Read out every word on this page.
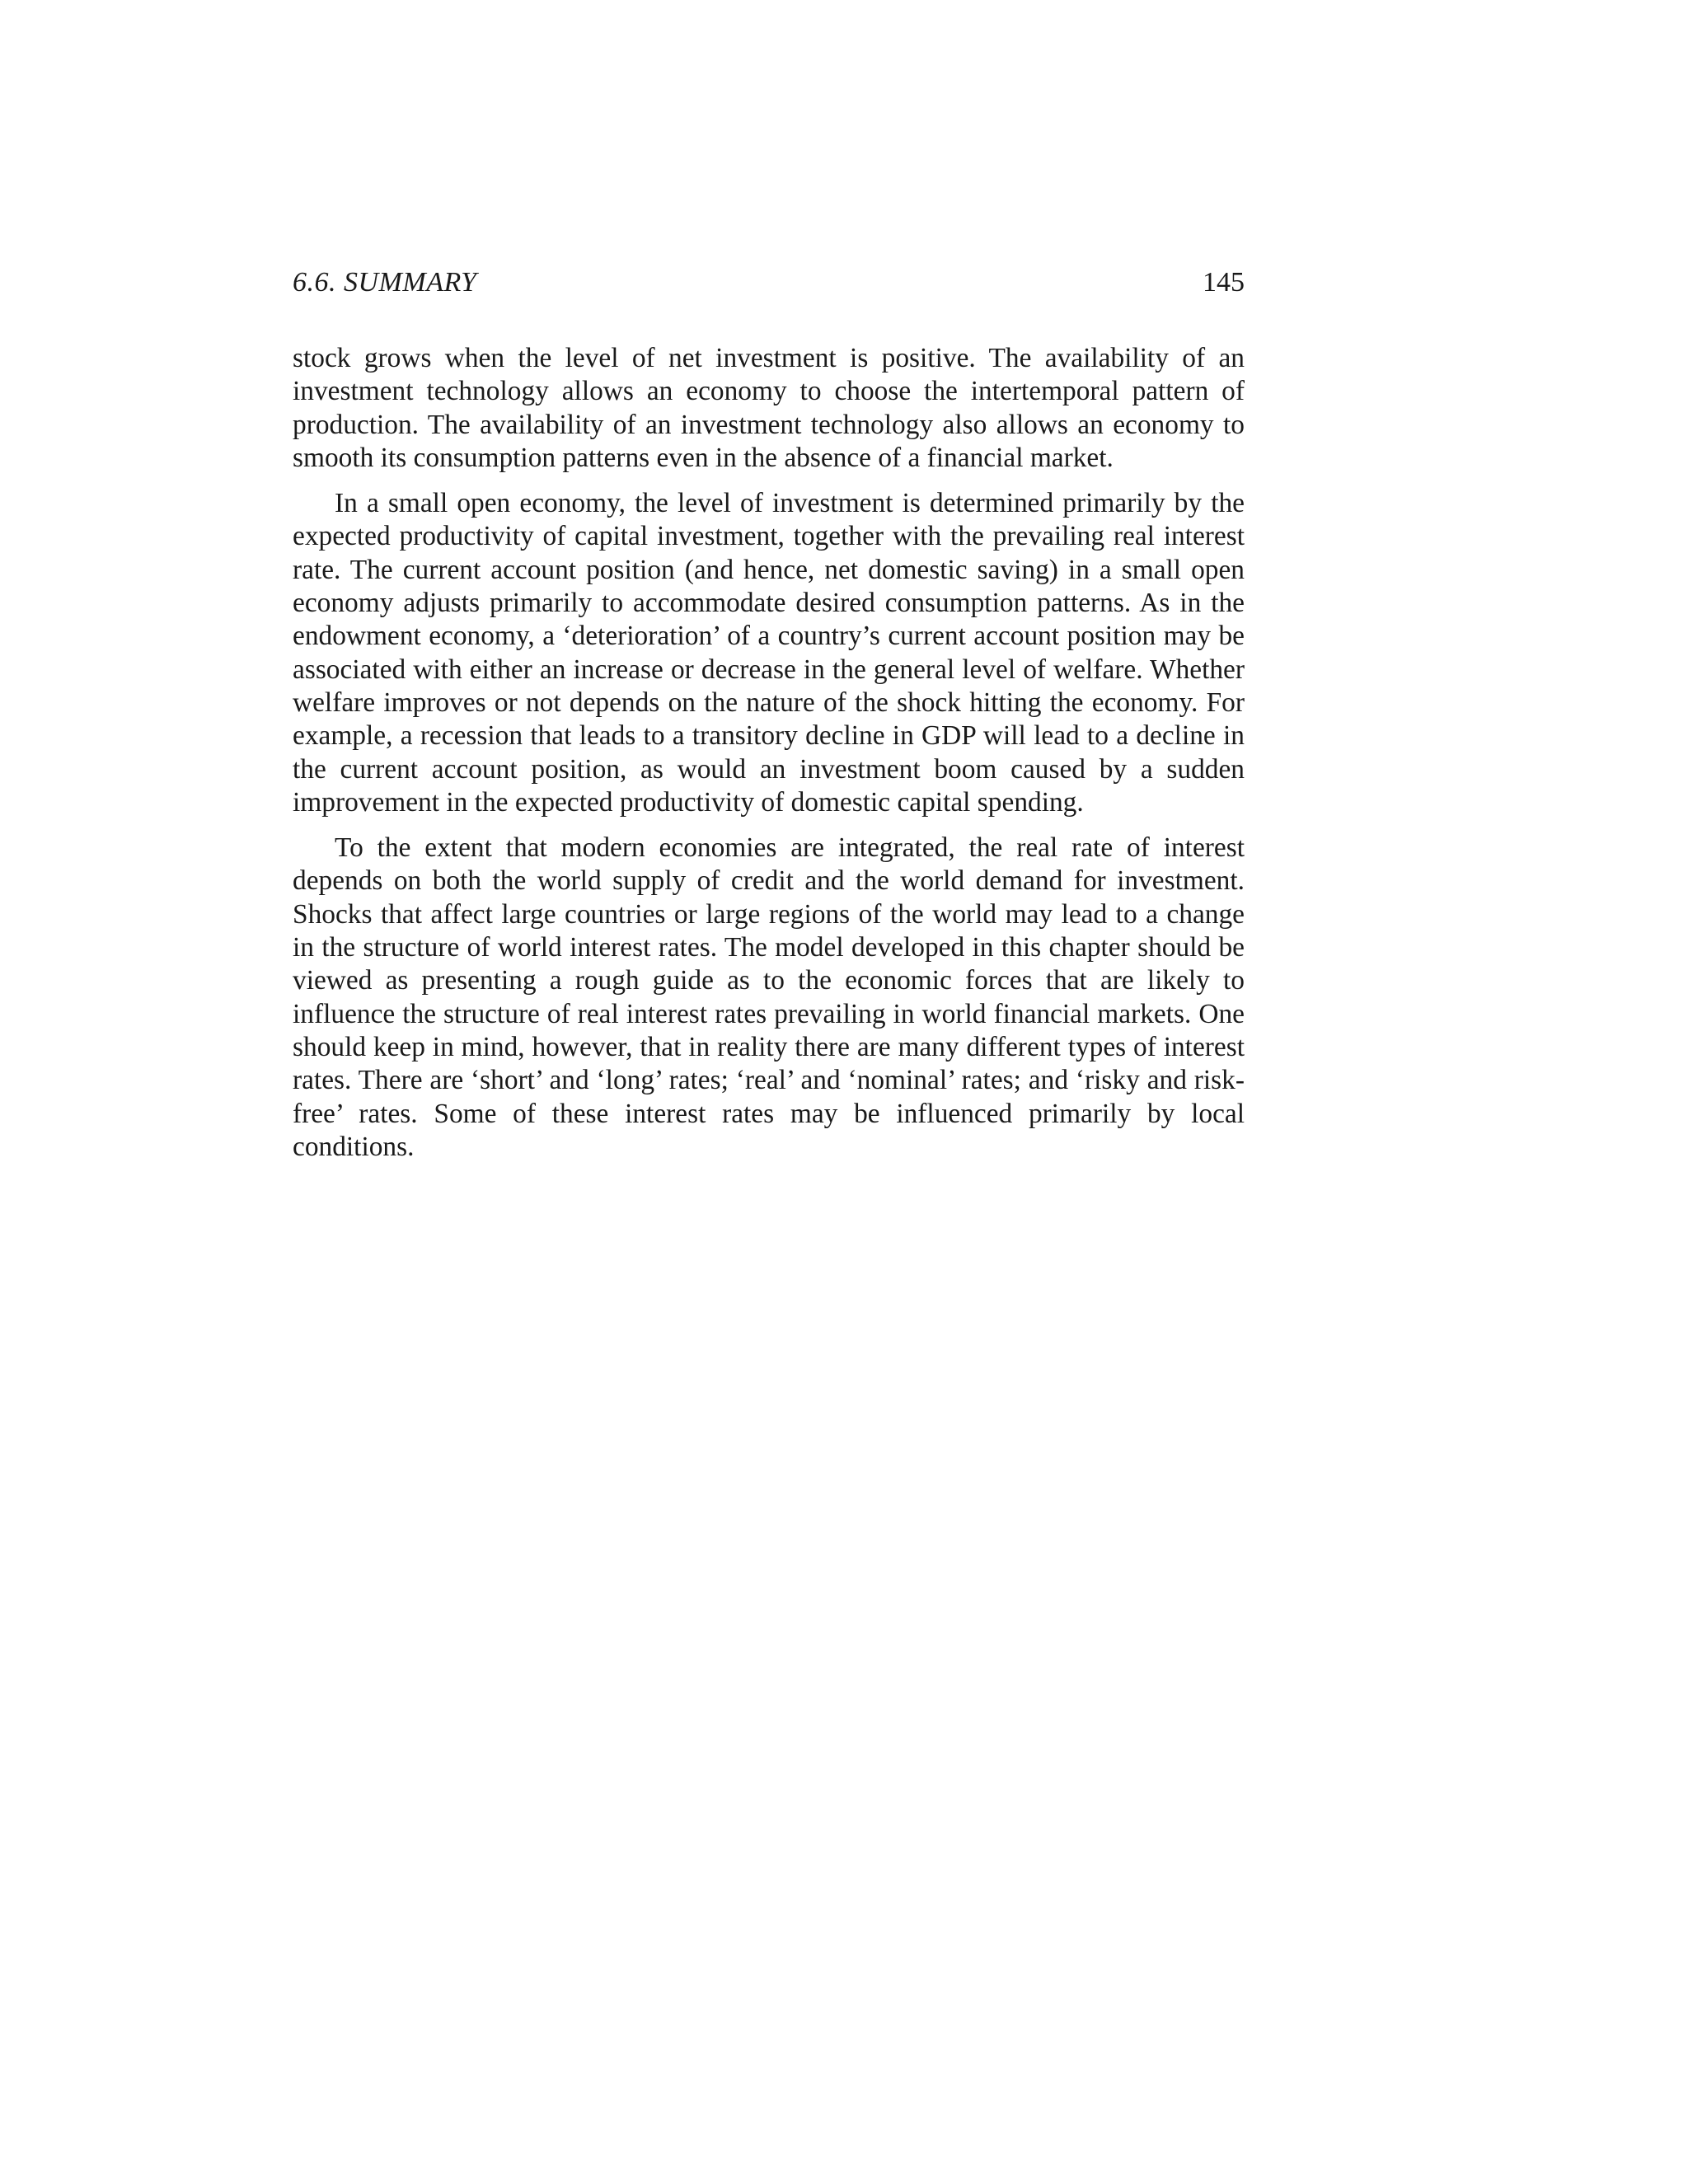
6.6. SUMMARY	145

stock grows when the level of net investment is positive. The availability of an investment technology allows an economy to choose the intertemporal pattern of production. The availability of an investment technology also allows an economy to smooth its consumption patterns even in the absence of a financial market.

In a small open economy, the level of investment is determined primarily by the expected productivity of capital investment, together with the prevailing real interest rate. The current account position (and hence, net domestic saving) in a small open economy adjusts primarily to accommodate desired consumption patterns. As in the endowment economy, a ‘deterioration’ of a country’s current account position may be associated with either an increase or decrease in the general level of welfare. Whether welfare improves or not depends on the nature of the shock hitting the economy. For example, a recession that leads to a transitory decline in GDP will lead to a decline in the current account position, as would an investment boom caused by a sudden improvement in the expected productivity of domestic capital spending.

To the extent that modern economies are integrated, the real rate of interest depends on both the world supply of credit and the world demand for investment. Shocks that affect large countries or large regions of the world may lead to a change in the structure of world interest rates. The model developed in this chapter should be viewed as presenting a rough guide as to the economic forces that are likely to influence the structure of real interest rates prevailing in world financial markets. One should keep in mind, however, that in reality there are many different types of interest rates. There are ‘short’ and ‘long’ rates; ‘real’ and ‘nominal’ rates; and ‘risky and risk-free’ rates. Some of these interest rates may be influenced primarily by local conditions.
